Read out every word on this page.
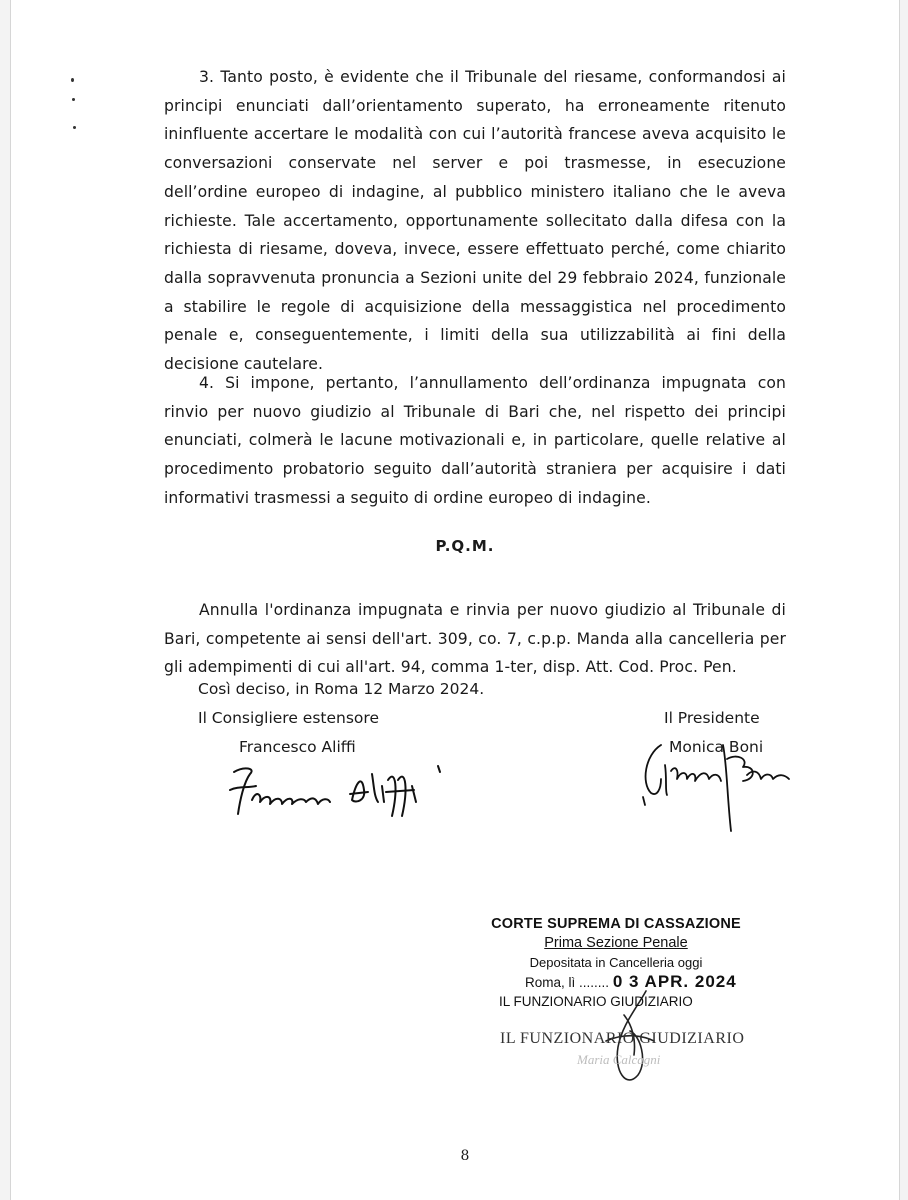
3. Tanto posto, è evidente che il Tribunale del riesame, conformandosi ai principi enunciati dall’orientamento superato, ha erroneamente ritenuto ininfluente accertare le modalità con cui l’autorità francese aveva acquisito le conversazioni conservate nel server e poi trasmesse, in esecuzione dell’ordine europeo di indagine, al pubblico ministero italiano che le aveva richieste. Tale accertamento, opportunamente sollecitato dalla difesa con la richiesta di riesame, doveva, invece, essere effettuato perché, come chiarito dalla sopravvenuta pronuncia a Sezioni unite del 29 febbraio 2024, funzionale a stabilire le regole di acquisizione della messaggistica nel procedimento penale e, conseguentemente, i limiti della sua utilizzabilità ai fini della decisione cautelare.

4. Si impone, pertanto, l’annullamento dell’ordinanza impugnata con rinvio per nuovo giudizio al Tribunale di Bari che, nel rispetto dei principi enunciati, colmerà le lacune motivazionali e, in particolare, quelle relative al procedimento probatorio seguito dall’autorità straniera per acquisire i dati informativi trasmessi a seguito di ordine europeo di indagine.

P.Q.M.

Annulla l'ordinanza impugnata e rinvia per nuovo giudizio al Tribunale di Bari, competente ai sensi dell'art. 309, co. 7, c.p.p. Manda alla cancelleria per gli adempimenti di cui all'art. 94, comma 1-ter, disp. Att. Cod. Proc. Pen.

Così deciso, in Roma 12 Marzo 2024.
Il Consigliere estensore
Francesco Aliffi
Il Presidente
Monica Boni
CORTE SUPREMA DI CASSAZIONE
Prima Sezione Penale
Depositata in Cancelleria oggi
Roma, lì ........ 0 3 APR. 2024
IL FUNZIONARIO GIUDIZIARIO
IL FUNZIONARIO GIUDIZIARIO
Maria Calcagni
8
